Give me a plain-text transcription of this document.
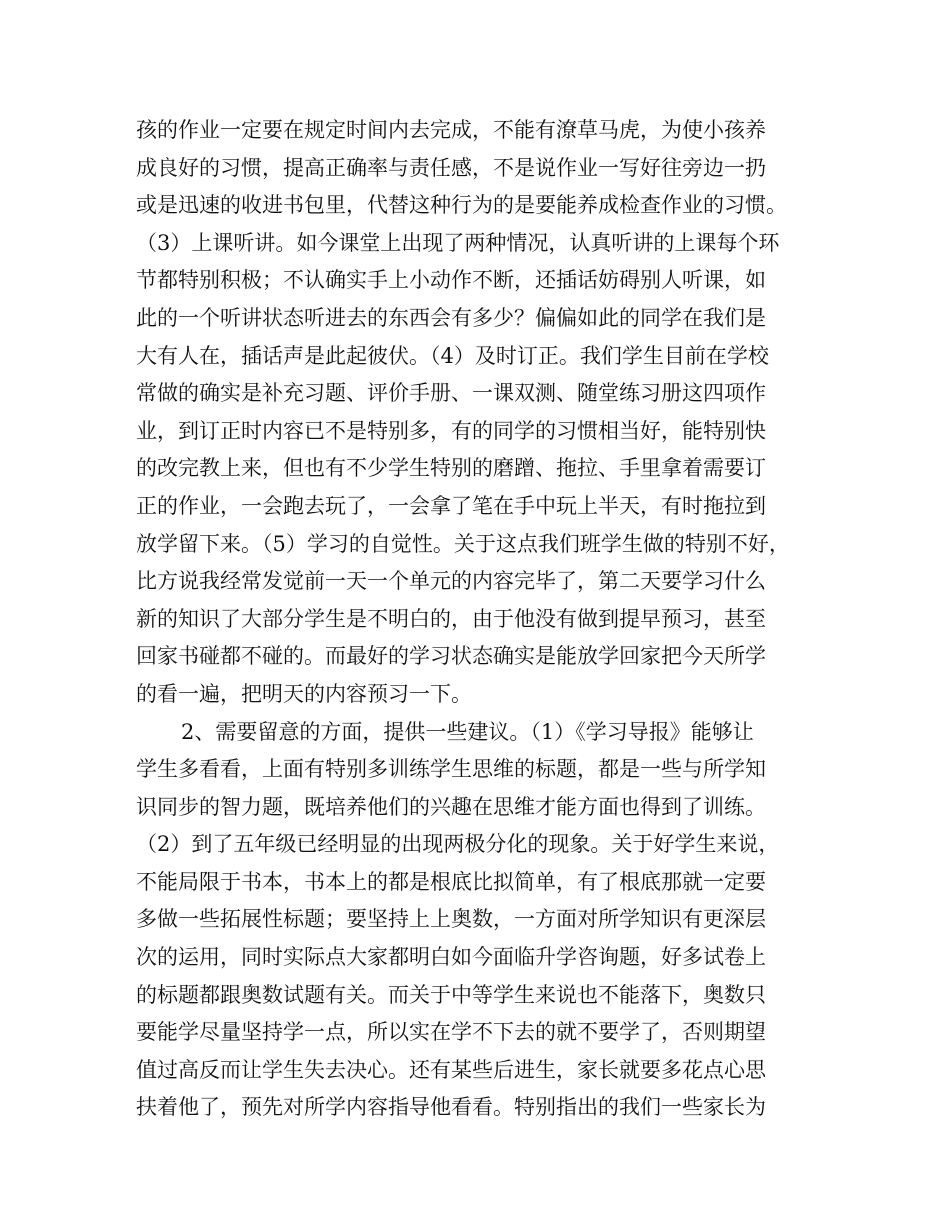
孩的作业一定要在规定时间内去完成，不能有潦草马虎，为使小孩养
成良好的习惯，提高正确率与责任感，不是说作业一写好往旁边一扔
或是迅速的收进书包里，代替这种行为的是要能养成检查作业的习惯。
（3）上课听讲。如今课堂上出现了两种情况，认真听讲的上课每个环
节都特别积极；不认确实手上小动作不断，还插话妨碍别人听课，如
此的一个听讲状态听进去的东西会有多少？偏偏如此的同学在我们是
大有人在，插话声是此起彼伏。（4）及时订正。我们学生目前在学校
常做的确实是补充习题、评价手册、一课双测、随堂练习册这四项作
业，到订正时内容已不是特别多，有的同学的习惯相当好，能特别快
的改完教上来，但也有不少学生特别的磨蹭、拖拉、手里拿着需要订
正的作业，一会跑去玩了，一会拿了笔在手中玩上半天，有时拖拉到
放学留下来。（5）学习的自觉性。关于这点我们班学生做的特别不好，
比方说我经常发觉前一天一个单元的内容完毕了，第二天要学习什么
新的知识了大部分学生是不明白的，由于他没有做到提早预习，甚至
回家书碰都不碰的。而最好的学习状态确实是能放学回家把今天所学
的看一遍，把明天的内容预习一下。
2、需要留意的方面，提供一些建议。（1）《学习导报》能够让
学生多看看，上面有特别多训练学生思维的标题，都是一些与所学知
识同步的智力题，既培养他们的兴趣在思维才能方面也得到了训练。
（2）到了五年级已经明显的出现两极分化的现象。关于好学生来说，
不能局限于书本，书本上的都是根底比拟简单，有了根底那就一定要
多做一些拓展性标题；要坚持上上奥数，一方面对所学知识有更深层
次的运用，同时实际点大家都明白如今面临升学咨询题，好多试卷上
的标题都跟奥数试题有关。而关于中等学生来说也不能落下，奥数只
要能学尽量坚持学一点，所以实在学不下去的就不要学了，否则期望
值过高反而让学生失去决心。还有某些后进生，家长就要多花点心思
扶着他了，预先对所学内容指导他看看。特别指出的我们一些家长为
